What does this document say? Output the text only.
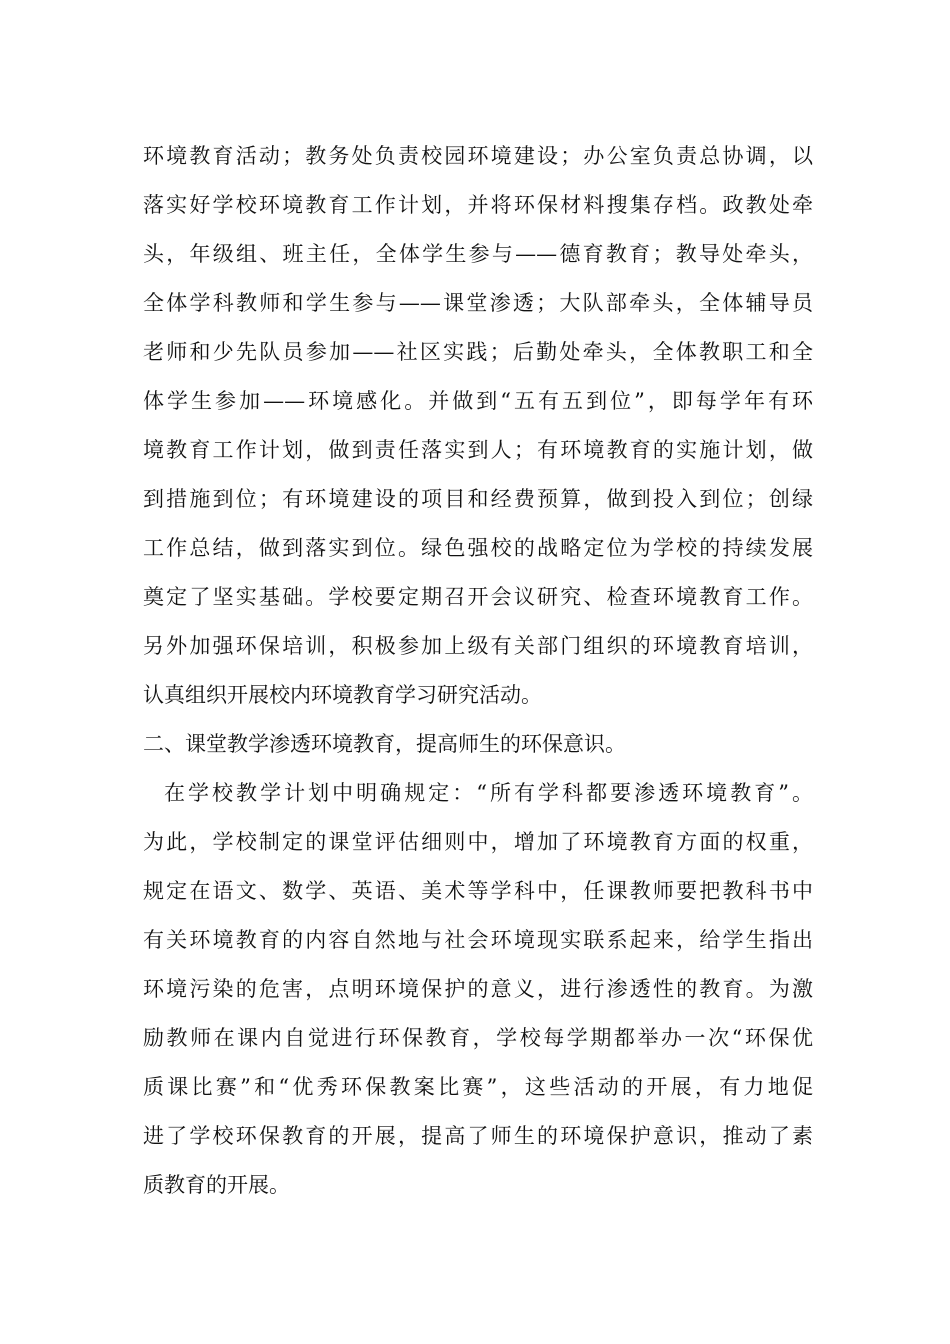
环境教育活动；教务处负责校园环境建设；办公室负责总协调，以
落实好学校环境教育工作计划，并将环保材料搜集存档。政教处牵
头，年级组、班主任，全体学生参与——德育教育；教导处牵头，
全体学科教师和学生参与——课堂渗透；大队部牵头，全体辅导员
老师和少先队员参加——社区实践；后勤处牵头，全体教职工和全
体学生参加——环境感化。并做到“五有五到位”，即每学年有环
境教育工作计划，做到责任落实到人；有环境教育的实施计划，做
到措施到位；有环境建设的项目和经费预算，做到投入到位；创绿
工作总结，做到落实到位。绿色强校的战略定位为学校的持续发展
奠定了坚实基础。学校要定期召开会议研究、检查环境教育工作。
另外加强环保培训，积极参加上级有关部门组织的环境教育培训，
认真组织开展校内环境教育学习研究活动。
二、课堂教学渗透环境教育，提高师生的环保意识。
在学校教学计划中明确规定：“所有学科都要渗透环境教育”。
为此，学校制定的课堂评估细则中，增加了环境教育方面的权重，
规定在语文、数学、英语、美术等学科中，任课教师要把教科书中
有关环境教育的内容自然地与社会环境现实联系起来，给学生指出
环境污染的危害，点明环境保护的意义，进行渗透性的教育。为激
励教师在课内自觉进行环保教育，学校每学期都举办一次“环保优
质课比赛”和“优秀环保教案比赛”，这些活动的开展，有力地促
进了学校环保教育的开展，提高了师生的环境保护意识，推动了素
质教育的开展。
